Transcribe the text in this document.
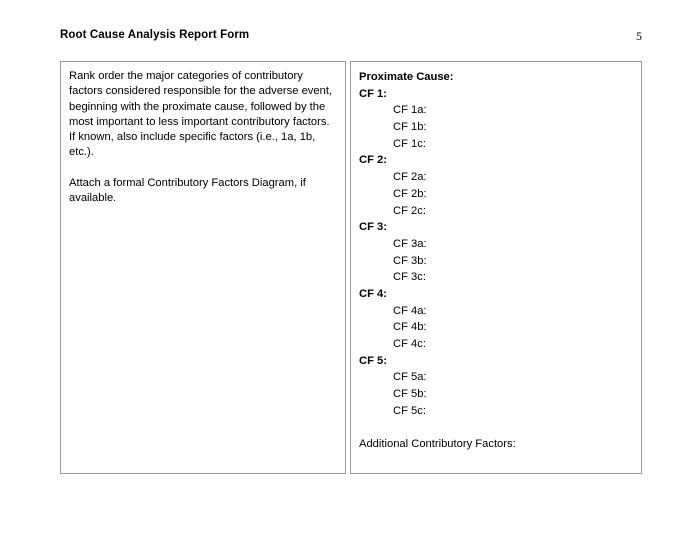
Root Cause Analysis Report Form	5

Rank order the major categories of contributory factors considered responsible for the adverse event, beginning with the proximate cause, followed by the most important to less important contributory factors. If known, also include specific factors (i.e., 1a, 1b, etc.).

Attach a formal Contributory Factors Diagram, if available.

Proximate Cause:
CF 1:
CF 1a:
CF 1b:
CF 1c:
CF 2:
CF 2a:
CF 2b:
CF 2c:
CF 3:
CF 3a:
CF 3b:
CF 3c:
CF 4:
CF 4a:
CF 4b:
CF 4c:
CF 5:
CF 5a:
CF 5b:
CF 5c:
Additional Contributory Factors:
